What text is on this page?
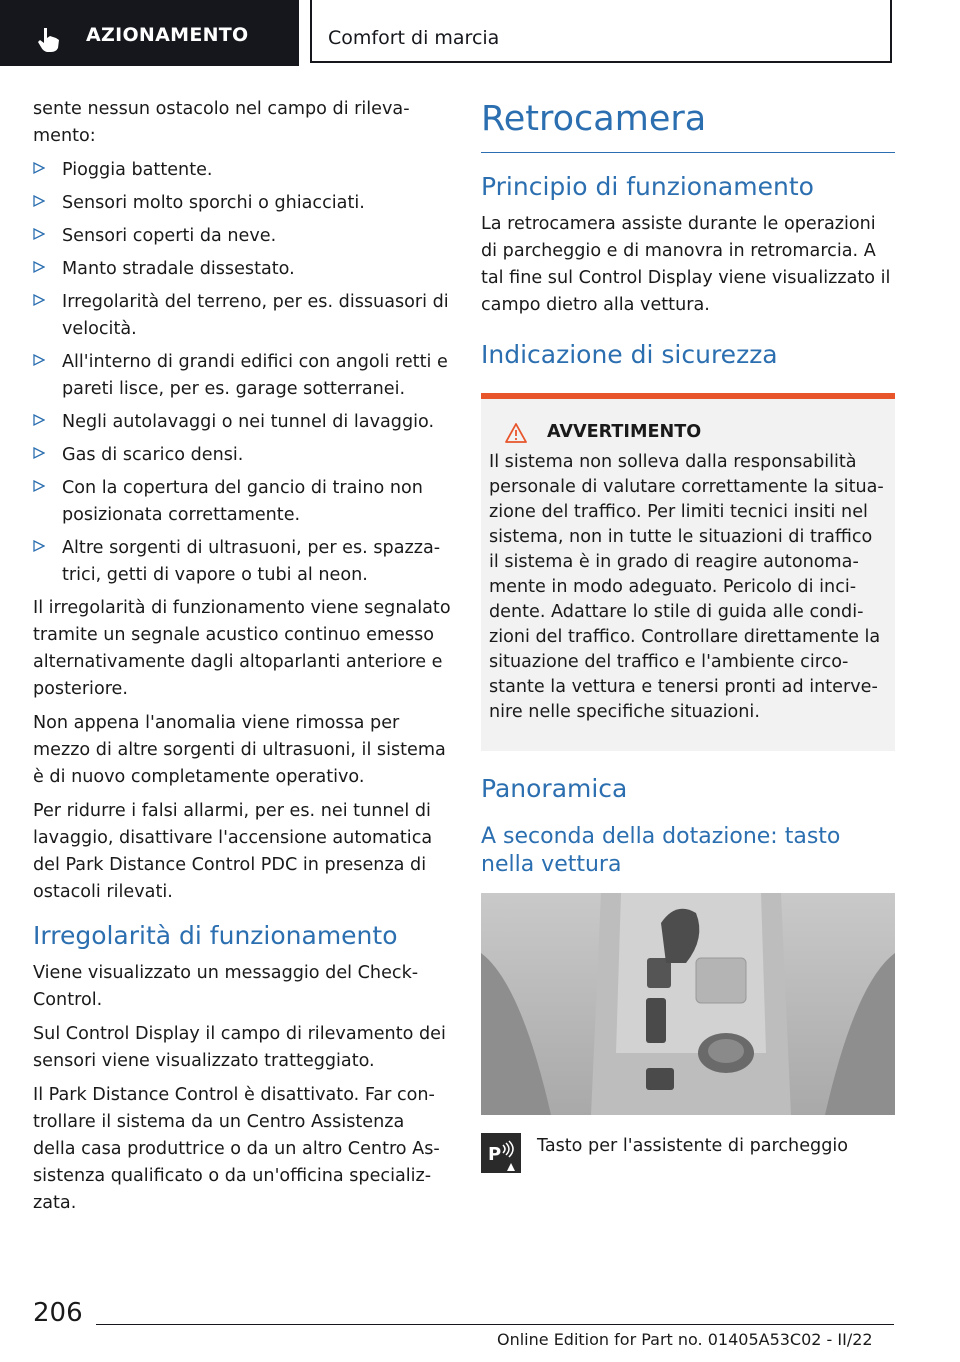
AZIONAMENTO	Comfort di marcia

sente nessun ostacolo nel campo di rilevamento:

Pioggia battente.
Sensori molto sporchi o ghiacciati.
Sensori coperti da neve.
Manto stradale dissestato.
Irregolarità del terreno, per es. dissuasori di velocità.
All'interno di grandi edifici con angoli retti e pareti lisce, per es. garage sotterranei.
Negli autolavaggi o nei tunnel di lavaggio.
Gas di scarico densi.
Con la copertura del gancio di traino non posizionata correttamente.
Altre sorgenti di ultrasuoni, per es. spazzatrici, getti di vapore o tubi al neon.

Il irregolarità di funzionamento viene segnalato tramite un segnale acustico continuo emesso alternativamente dagli altoparlanti anteriore e posteriore.

Non appena l'anomalia viene rimossa per mezzo di altre sorgenti di ultrasuoni, il sistema è di nuovo completamente operativo.

Per ridurre i falsi allarmi, per es. nei tunnel di lavaggio, disattivare l'accensione automatica del Park Distance Control PDC in presenza di ostacoli rilevati.

Irregolarità di funzionamento

Viene visualizzato un messaggio del Check-Control.

Sul Control Display il campo di rilevamento dei sensori viene visualizzato tratteggiato.

Il Park Distance Control è disattivato. Far controllare il sistema da un Centro Assistenza della casa produttrice o da un altro Centro Assistenza qualificato o da un'officina specializzata.

Retrocamera
Principio di funzionamento

La retrocamera assiste durante le operazioni di parcheggio e di manovra in retromarcia. A tal fine sul Control Display viene visualizzato il campo dietro alla vettura.

Indicazione di sicurezza
AVVERTIMENTO

Il sistema non solleva dalla responsabilità personale di valutare correttamente la situazione del traffico. Per limiti tecnici insiti nel sistema, non in tutte le situazioni di traffico il sistema è in grado di reagire autonomamente in modo adeguato. Pericolo di incidente. Adattare lo stile di guida alle condizioni del traffico. Controllare direttamente la situazione del traffico e l'ambiente circostante la vettura e tenersi pronti ad intervenire nelle specifiche situazioni.

Panoramica
A seconda della dotazione: tasto nella vettura
P Tasto per l'assistente di parcheggio
206
Online Edition for Part no. 01405A53C02 - II/22
